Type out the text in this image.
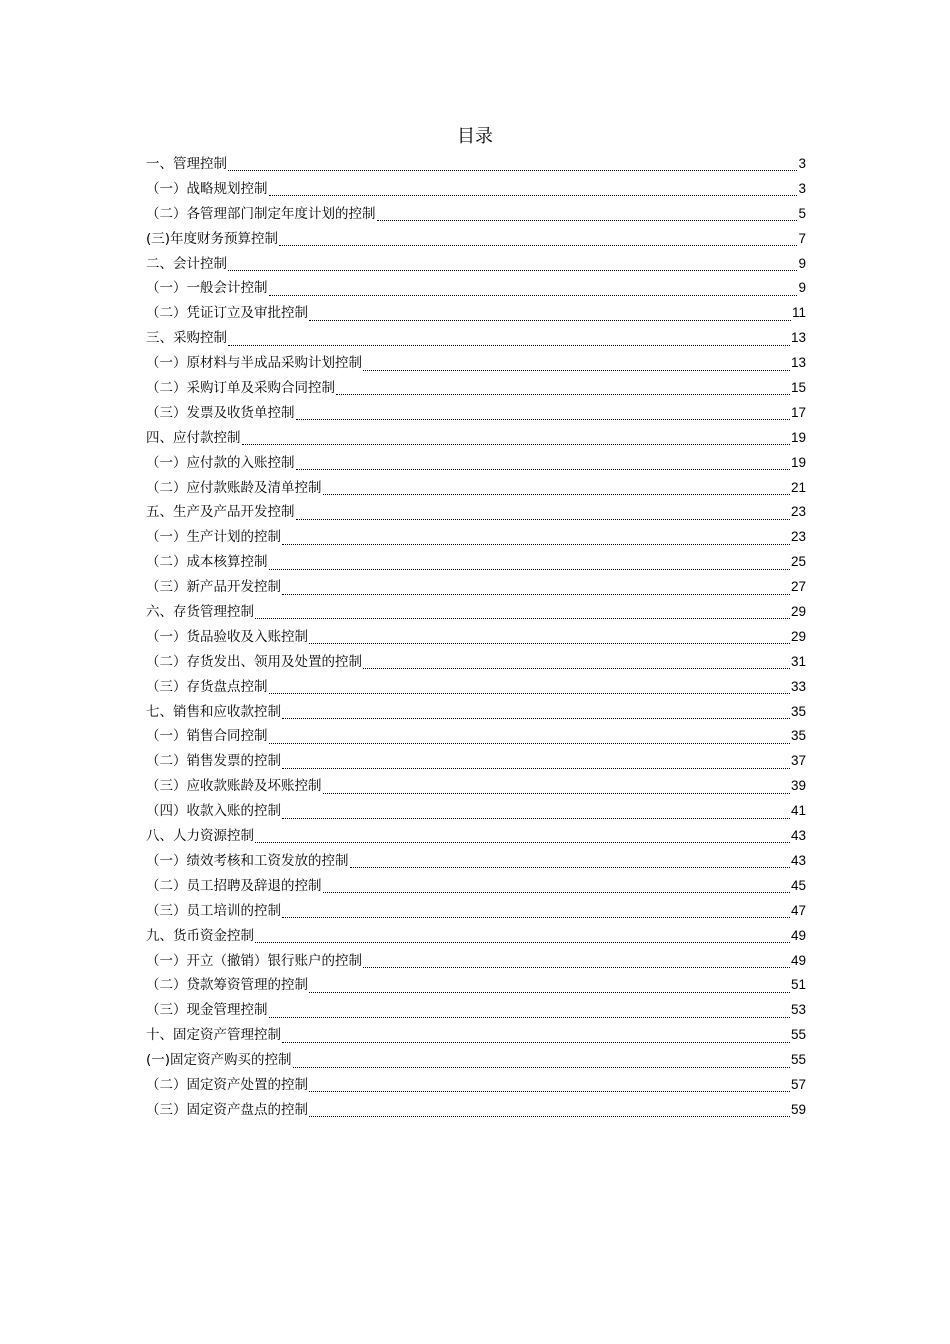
目录
一、管理控制	3
（一）战略规划控制	3
（二）各管理部门制定年度计划的控制	5
(三)年度财务预算控制	7
二、会计控制	9
（一）一般会计控制	9
（二）凭证订立及审批控制	11
三、采购控制	13
（一）原材料与半成品采购计划控制	13
（二）采购订单及采购合同控制	15
（三）发票及收货单控制	17
四、应付款控制	19
（一）应付款的入账控制	19
（二）应付款账龄及清单控制	21
五、生产及产品开发控制	23
（一）生产计划的控制	23
（二）成本核算控制	25
（三）新产品开发控制	27
六、存货管理控制	29
（一）货品验收及入账控制	29
（二）存货发出、领用及处置的控制	31
（三）存货盘点控制	33
七、销售和应收款控制	35
（一）销售合同控制	35
（二）销售发票的控制	37
（三）应收款账龄及坏账控制	39
（四）收款入账的控制	41
八、人力资源控制	43
（一）绩效考核和工资发放的控制	43
（二）员工招聘及辞退的控制	45
（三）员工培训的控制	47
九、货币资金控制	49
（一）开立（撤销）银行账户的控制	49
（二）贷款筹资管理的控制	51
（三）现金管理控制	53
十、固定资产管理控制	55
(一)固定资产购买的控制	55
（二）固定资产处置的控制	57
（三）固定资产盘点的控制	59
